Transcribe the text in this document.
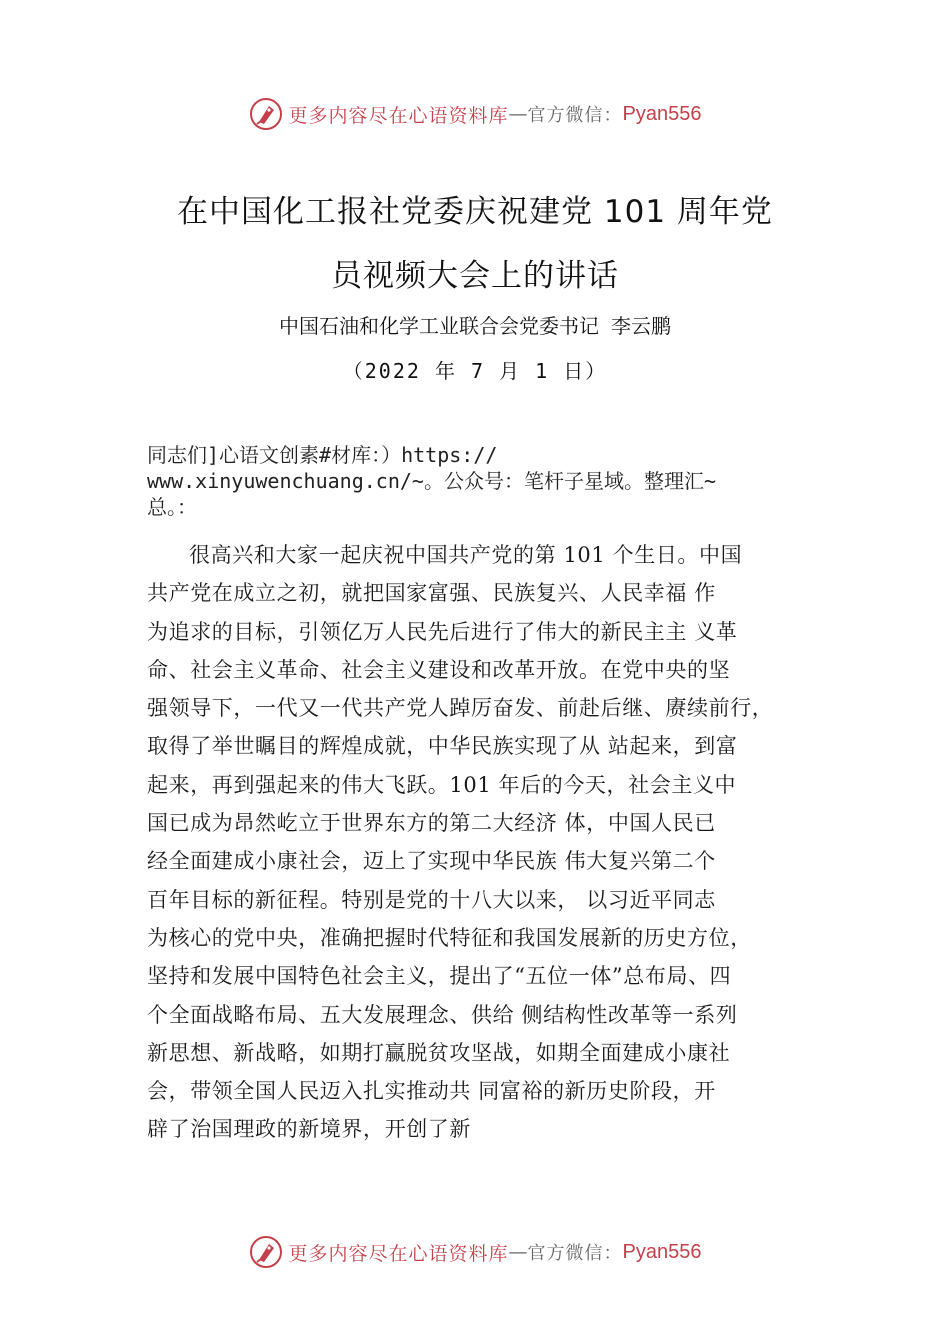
更多内容尽在心语资料库 — 官方微信： Pyan556
在中国化工报社党委庆祝建党 101 周年党
员视频大会上的讲话
中国石油和化学工业联合会党委书记 李云鹏
（2022 年 7 月 1 日）
同志们]心语文创素#材库：）https://
www.xinyuwenchuang.cn/~。公众号：笔杆子星域。整理汇~
总。：
很高兴和大家一起庆祝中国共产党的第 101 个生日。中国
共产党在成立之初，就把国家富强、民族复兴、人民幸福 作
为追求的目标，引领亿万人民先后进行了伟大的新民主主 义革
命、社会主义革命、社会主义建设和改革开放。在党中央的坚
强领导下，一代又一代共产党人踔厉奋发、前赴后继、赓续前行，
取得了举世瞩目的辉煌成就，中华民族实现了从 站起来，到富
起来，再到强起来的伟大飞跃。101 年后的今天，社会主义中
国已成为昂然屹立于世界东方的第二大经济 体，中国人民已
经全面建成小康社会，迈上了实现中华民族 伟大复兴第二个
百年目标的新征程。特别是党的十八大以来， 以习近平同志
为核心的党中央，准确把握时代特征和我国发展新的历史方位，
坚持和发展中国特色社会主义，提出了“五位一体”总布局、四
个全面战略布局、五大发展理念、供给 侧结构性改革等一系列
新思想、新战略，如期打赢脱贫攻坚战，如期全面建成小康社
会，带领全国人民迈入扎实推动共 同富裕的新历史阶段，开
辟了治国理政的新境界，开创了新
更多内容尽在心语资料库 — 官方微信： Pyan556
